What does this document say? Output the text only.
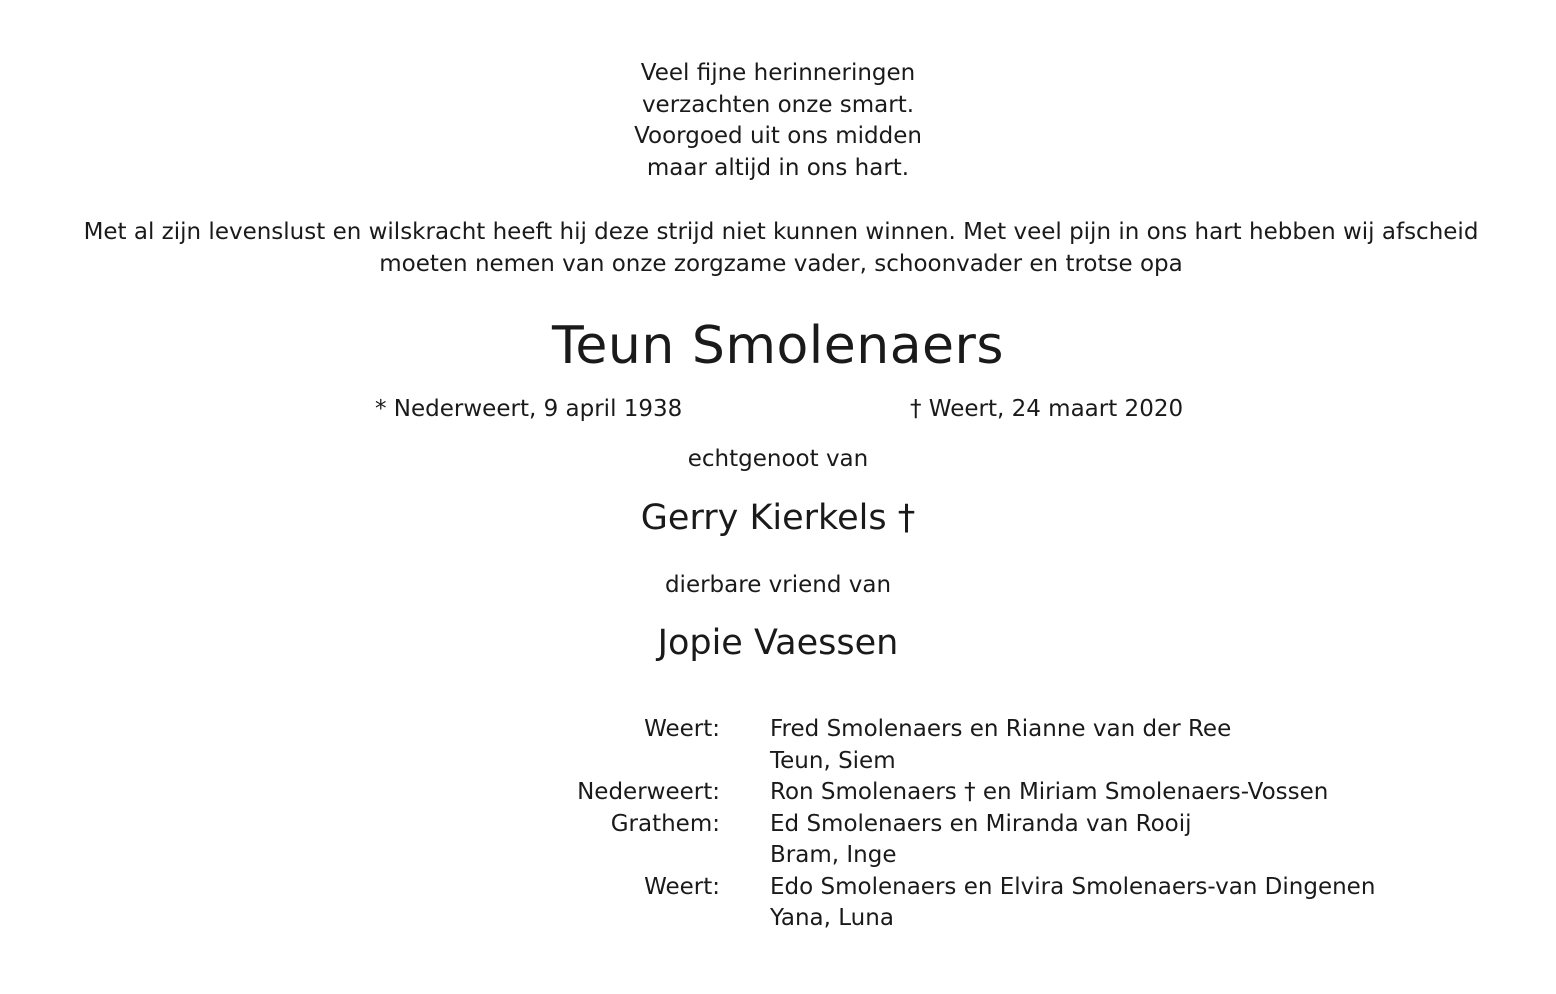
Veel fijne herinneringen
verzachten onze smart.
Voorgoed uit ons midden
maar altijd in ons hart.
Met al zijn levenslust en wilskracht heeft hij deze strijd niet kunnen winnen. Met veel pijn in ons hart hebben wij afscheid
moeten nemen van onze zorgzame vader, schoonvader en trotse opa
Teun Smolenaers
* Nederweert, 9 april 1938	† Weert, 24 maart 2020
echtgenoot van
Gerry Kierkels †
dierbare vriend van
Jopie Vaessen
Weert: Fred Smolenaers en Rianne van der Ree
Teun, Siem
Nederweert: Ron Smolenaers † en Miriam Smolenaers-Vossen
Grathem: Ed Smolenaers en Miranda van Rooij
Bram, Inge
Weert: Edo Smolenaers en Elvira Smolenaers-van Dingenen
Yana, Luna
